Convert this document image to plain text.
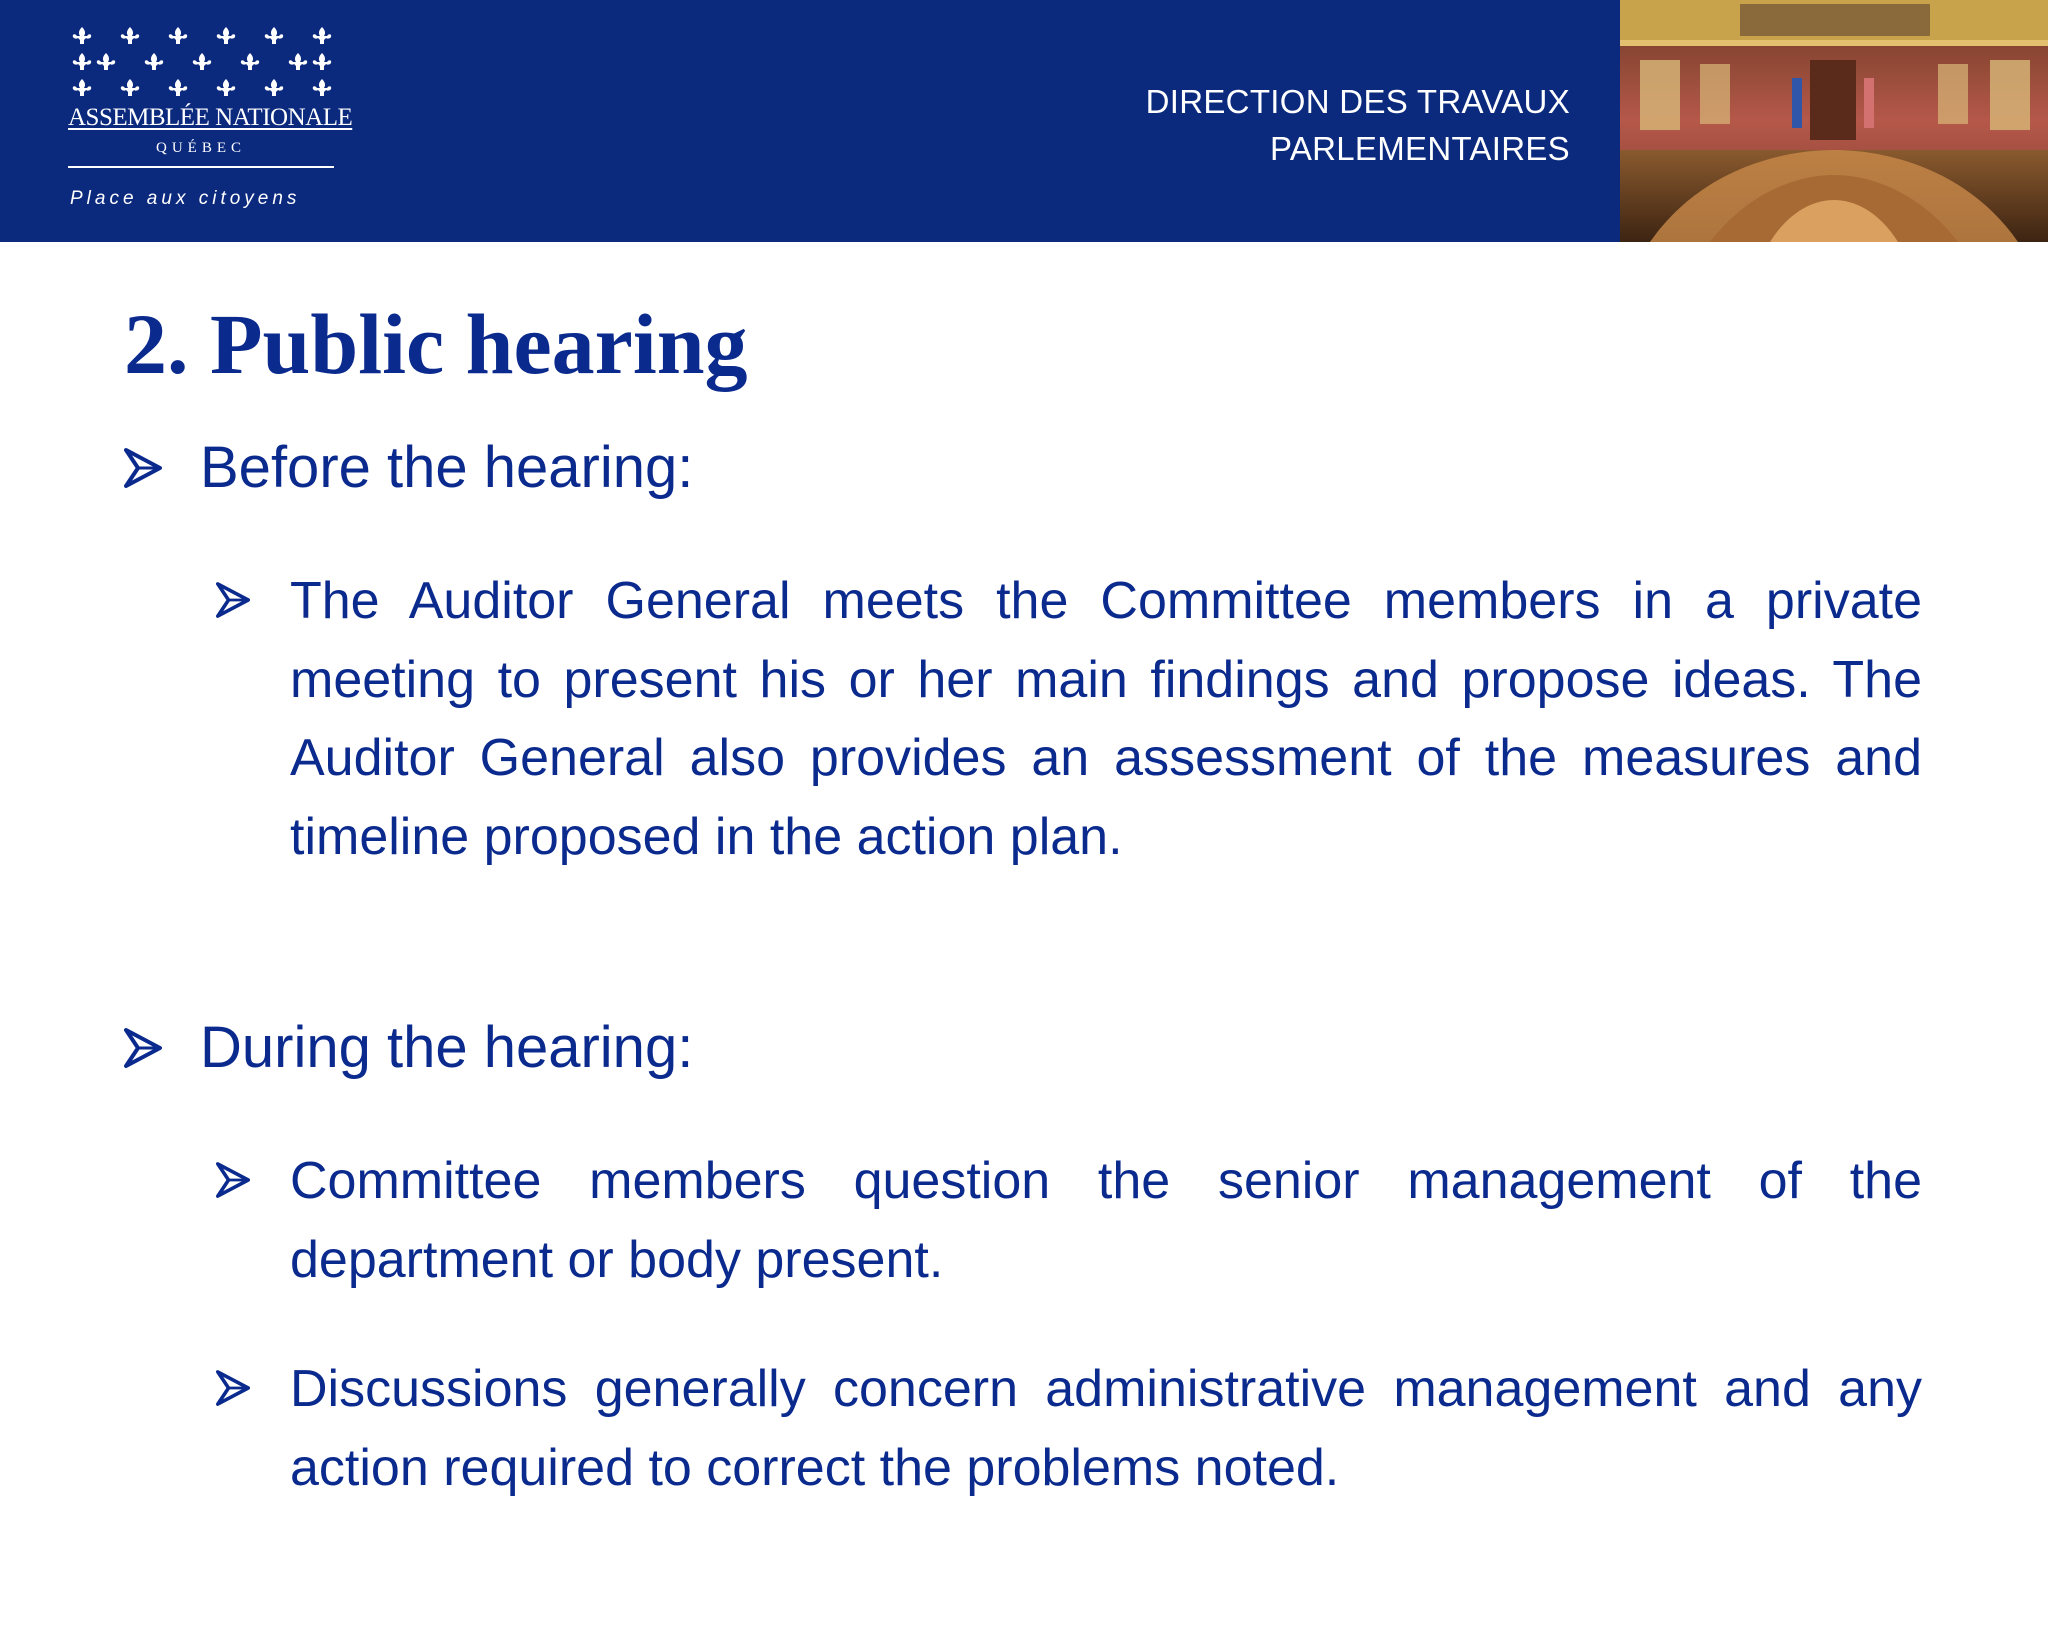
ASSEMBLÉE NATIONALE
QUÉBEC
Place aux citoyens
DIRECTION DES TRAVAUX
PARLEMENTAIRES
2. Public hearing
Before the hearing:
The Auditor General meets the Committee members in a private meeting to present his or her main findings and propose ideas. The Auditor General also provides an assessment of the measures and timeline proposed in the action plan.
During the hearing:
Committee members question the senior management of the department or body present.
Discussions generally concern administrative management and any action required to correct the problems noted.
